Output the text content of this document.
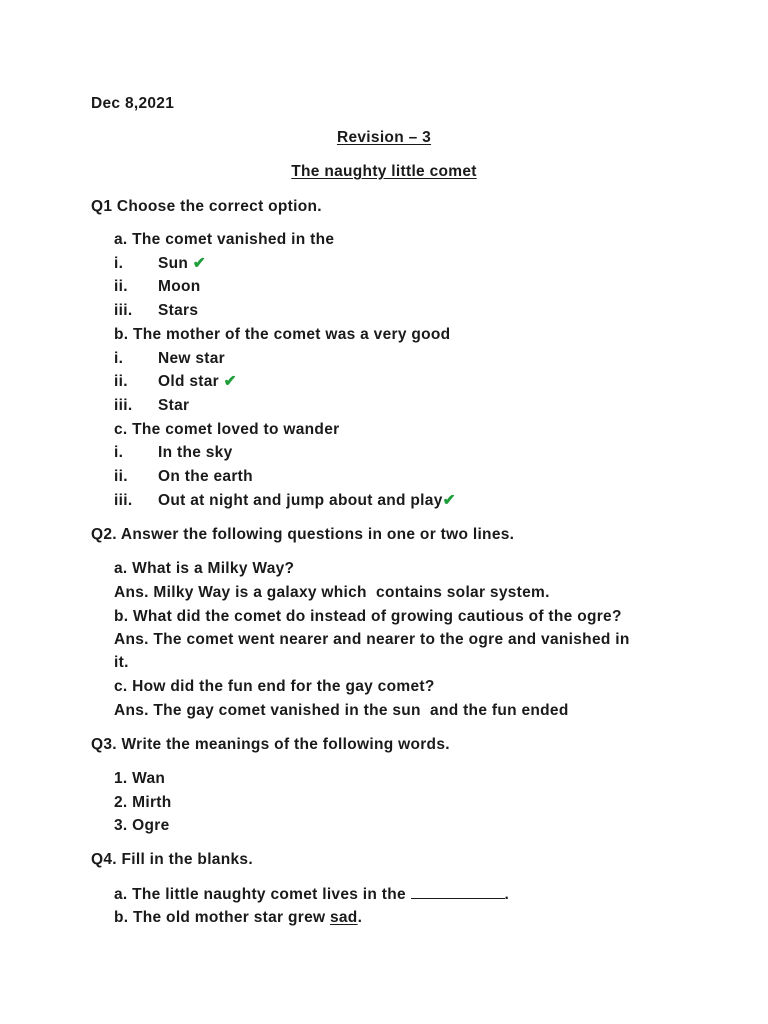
Dec 8,2021
Revision – 3
The naughty little comet
Q1 Choose the correct option.
a. The comet vanished in the
i. Sun ✔
ii. Moon
iii. Stars
b. The mother of the comet was a very good
i. New star
ii. Old star ✔
iii. Star
c. The comet loved to wander
i. In the sky
ii. On the earth
iii. Out at night and jump about and play✔
Q2. Answer the following questions in one or two lines.
a. What is a Milky Way?
Ans. Milky Way is a galaxy which  contains solar system.
b. What did the comet do instead of growing cautious of the ogre?
Ans. The comet went nearer and nearer to the ogre and vanished in
it.
c. How did the fun end for the gay comet?
Ans. The gay comet vanished in the sun  and the fun ended
Q3. Write the meanings of the following words.
1. Wan
2. Mirth
3. Ogre
Q4. Fill in the blanks.
a. The little naughty comet lives in the	.
b. The old mother star grew sad.
